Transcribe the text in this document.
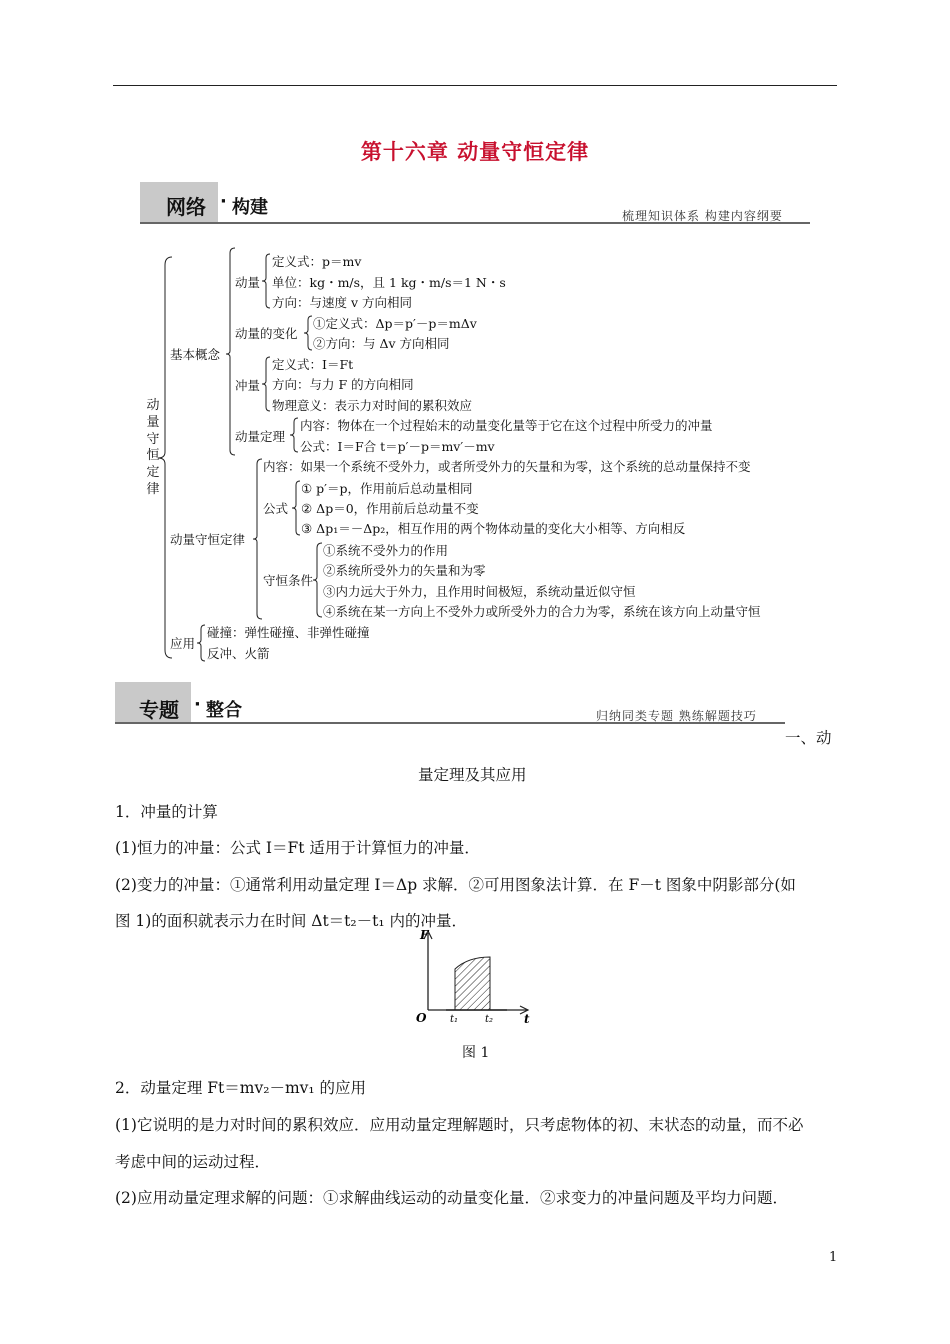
第十六章 动量守恒定律
网络 · 构建	梳理知识体系 构建内容纲要
动量守恒定律
基本概念
动量
定义式：p＝mv
单位：kg・m/s，且 1 kg・m/s＝1 N・s
方向：与速度 v 方向相同
动量的变化
①定义式：Δp＝p′－p＝mΔv
②方向：与 Δv 方向相同
冲量
定义式：I＝Ft
方向：与力 F 的方向相同
物理意义：表示力对时间的累积效应
动量定理
内容：物体在一个过程始末的动量变化量等于它在这个过程中所受力的冲量
公式：I＝F合 t＝p′－p＝mv′－mv
动量守恒定律
内容：如果一个系统不受外力，或者所受外力的矢量和为零，这个系统的总动量保持不变
公式
① p′＝p，作用前后总动量相同
② Δp＝0，作用前后总动量不变
③ Δp₁＝－Δp₂，相互作用的两个物体动量的变化大小相等、方向相反
守恒条件
①系统不受外力的作用
②系统所受外力的矢量和为零
③内力远大于外力，且作用时间极短，系统动量近似守恒
④系统在某一方向上不受外力或所受外力的合力为零，系统在该方向上动量守恒
应用
碰撞：弹性碰撞、非弹性碰撞
反冲、火箭
专题 · 整合	归纳同类专题 熟练解题技巧
一、动
量定理及其应用
1．冲量的计算
(1)恒力的冲量：公式 I＝Ft 适用于计算恒力的冲量．
(2)变力的冲量：①通常利用动量定理 I＝Δp 求解．②可用图象法计算．在 F－t 图象中阴影部分(如
图 1)的面积就表示力在时间 Δt＝t₂－t₁ 内的冲量．
F
O	t
t₁	t₂
图 1
2．动量定理 Ft＝mv₂－mv₁ 的应用
(1)它说明的是力对时间的累积效应．应用动量定理解题时，只考虑物体的初、末状态的动量，而不必
考虑中间的运动过程．
(2)应用动量定理求解的问题：①求解曲线运动的动量变化量．②求变力的冲量问题及平均力问题．
1
